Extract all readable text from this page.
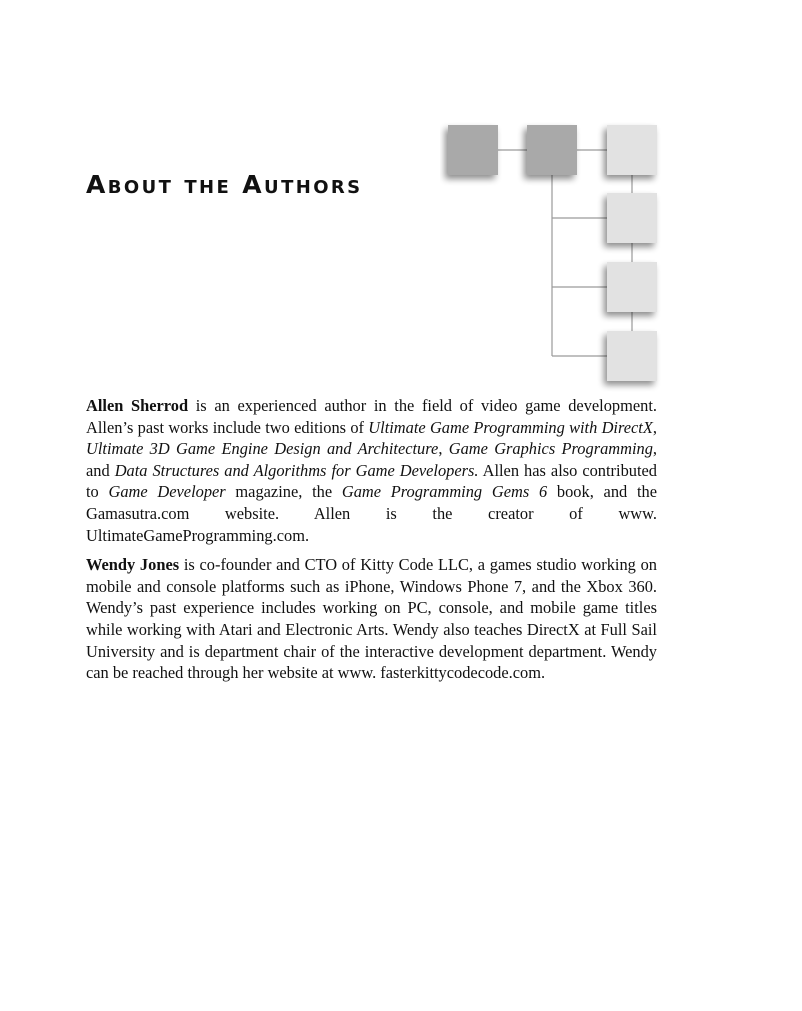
About the Authors

Allen Sherrod is an experienced author in the field of video game development. Allen’s past works include two editions of Ultimate Game Programming with DirectX, Ultimate 3D Game Engine Design and Architecture, Game Graphics Programming, and Data Structures and Algorithms for Game Developers. Allen has also contributed to Game Developer magazine, the Game Programming Gems 6 book, and the Gamasutra.com website. Allen is the creator of www. UltimateGameProgramming.com.

Wendy Jones is co-founder and CTO of Kitty Code LLC, a games studio working on mobile and console platforms such as iPhone, Windows Phone 7, and the Xbox 360. Wendy’s past experience includes working on PC, console, and mobile game titles while working with Atari and Electronic Arts. Wendy also teaches DirectX at Full Sail University and is department chair of the interactive development department. Wendy can be reached through her website at www. fasterkittycodecode.com.
